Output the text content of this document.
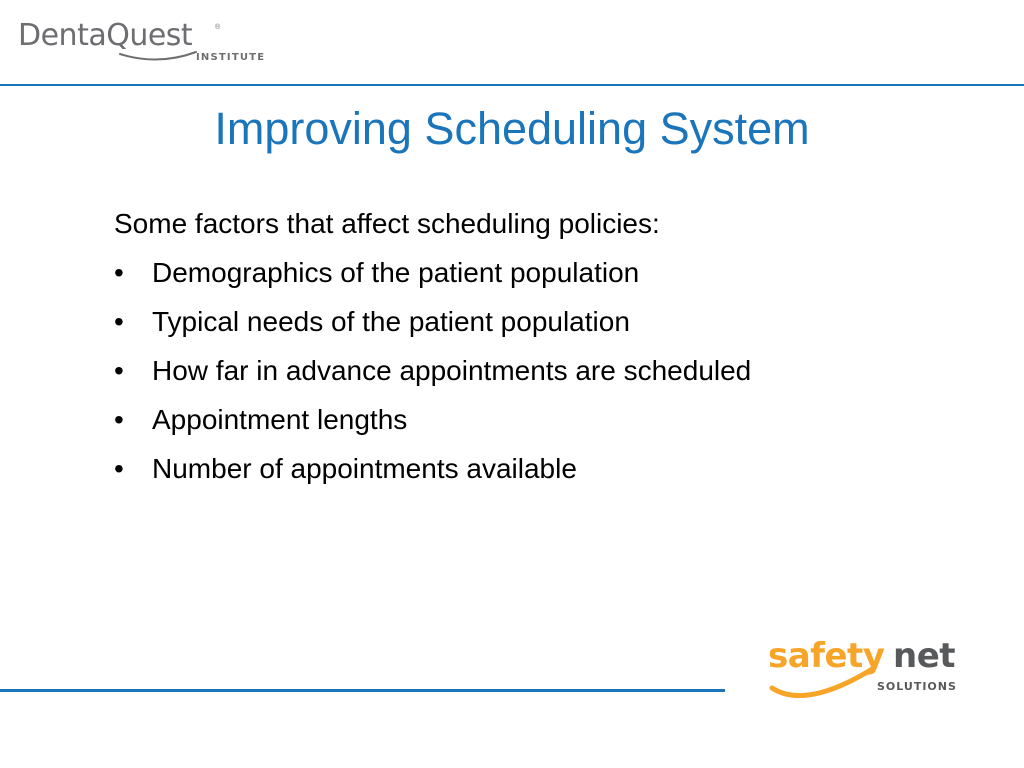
DentaQuest	®
INSTITUTE
Improving Scheduling System
Some factors that affect scheduling policies:
•	Demographics of the patient population
•	Typical needs of the patient population
•	How far in advance appointments are scheduled
•	Appointment lengths
•	Number of appointments available
safety net
SOLUTIONS
